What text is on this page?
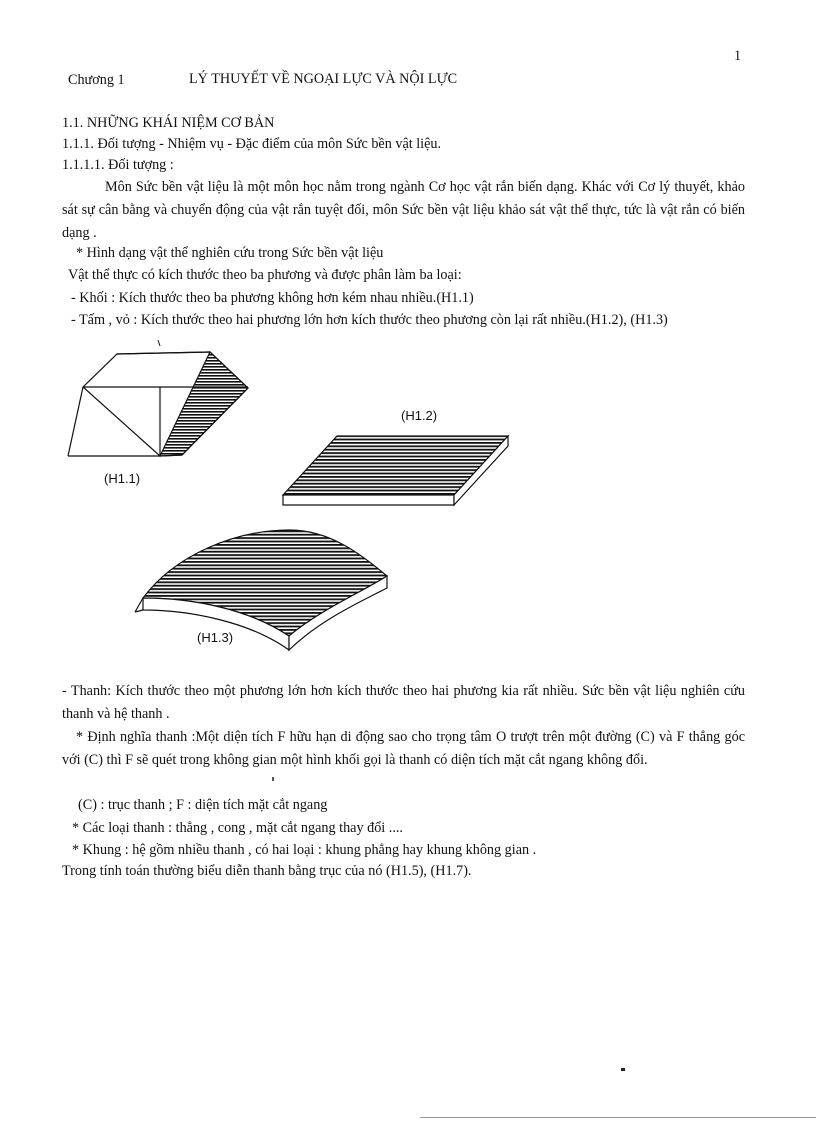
1
Chương 1	LÝ THUYẾT VỀ NGOẠI LỰC VÀ NỘI LỰC
1.1. NHỮNG KHÁI NIỆM CƠ BẢN
1.1.1. Đối tượng - Nhiệm vụ - Đặc điểm của môn Sức bền vật liệu.
1.1.1.1. Đối tượng :
Môn Sức bền vật liệu là một môn học nằm trong ngành Cơ học vật rắn biến dạng. Khác với Cơ lý thuyết, khảo sát sự cân bằng và chuyển động của vật rắn tuyệt đối, môn Sức bền vật liệu khảo sát vật thể thực, tức là vật rắn có biến dạng .
* Hình dạng vật thể nghiên cứu trong Sức bền vật liệu
Vật thể thực có kích thước theo ba phương và được phân làm ba loại:
- Khối : Kích thước theo ba phương không hơn kém nhau nhiều.(H1.1)
- Tấm , vỏ : Kích thước theo hai phương lớn hơn kích thước theo phương còn lại rất nhiều.(H1.2), (H1.3)
(H1.1)
(H1.2)
(H1.3)
- Thanh: Kích thước theo một phương lớn hơn kích thước theo hai phương kia rất nhiều. Sức bền vật liệu nghiên cứu thanh và hệ thanh .
* Định nghĩa thanh :Một diện tích F hữu hạn di động sao cho trọng tâm O trượt trên một đường (C) và F thẳng góc với (C) thì F sẽ quét trong không gian một hình khối gọi là thanh có diện tích mặt cắt ngang không đổi.
(C) : trục thanh ; F : diện tích mặt cắt ngang
* Các loại thanh : thẳng , cong , mặt cắt ngang thay đổi ....
* Khung : hệ gồm nhiều thanh , có hai loại : khung phẳng hay khung không gian .
Trong tính toán thường biểu diễn thanh bằng trục của nó (H1.5), (H1.7).
